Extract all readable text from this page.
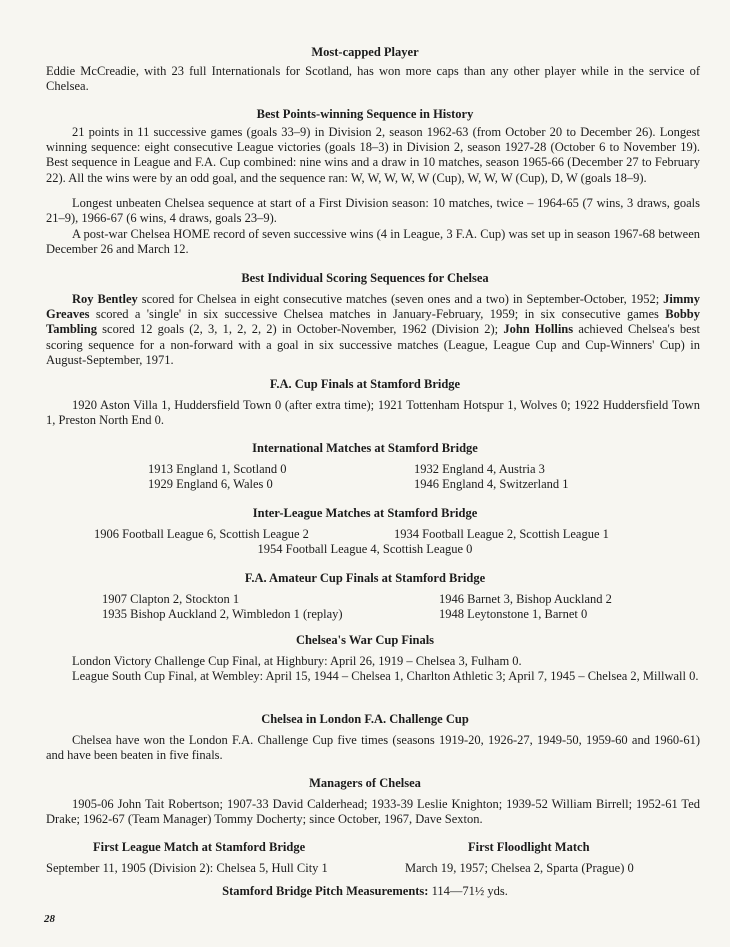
Most-capped Player

Eddie McCreadie, with 23 full Internationals for Scotland, has won more caps than any other player while in the service of Chelsea.

Best Points-winning Sequence in History

21 points in 11 successive games (goals 33–9) in Division 2, season 1962-63 (from October 20 to December 26). Longest winning sequence: eight consecutive League victories (goals 18–3) in Division 2, season 1927-28 (October 6 to November 19). Best sequence in League and F.A. Cup combined: nine wins and a draw in 10 matches, season 1965-66 (December 27 to February 22). All the wins were by an odd goal, and the sequence ran: W, W, W, W, W (Cup), W, W, W (Cup), D, W (goals 18–9).

Longest unbeaten Chelsea sequence at start of a First Division season: 10 matches, twice – 1964-65 (7 wins, 3 draws, goals 21–9), 1966-67 (6 wins, 4 draws, goals 23–9).

A post-war Chelsea HOME record of seven successive wins (4 in League, 3 F.A. Cup) was set up in season 1967-68 between December 26 and March 12.

Best Individual Scoring Sequences for Chelsea

Roy Bentley scored for Chelsea in eight consecutive matches (seven ones and a two) in September-October, 1952; Jimmy Greaves scored a 'single' in six successive Chelsea matches in January-February, 1959; in six consecutive games Bobby Tambling scored 12 goals (2, 3, 1, 2, 2, 2) in October-November, 1962 (Division 2); John Hollins achieved Chelsea's best scoring sequence for a non-forward with a goal in six successive matches (League, League Cup and Cup-Winners' Cup) in August-September, 1971.

F.A. Cup Finals at Stamford Bridge

1920 Aston Villa 1, Huddersfield Town 0 (after extra time); 1921 Tottenham Hotspur 1, Wolves 0; 1922 Huddersfield Town 1, Preston North End 0.

International Matches at Stamford Bridge
1913 England 1, Scotland 0
1929 England 6, Wales 0
1932 England 4, Austria 3
1946 England 4, Switzerland 1
Inter-League Matches at Stamford Bridge
1906 Football League 6, Scottish League 2	1934 Football League 2, Scottish League 1
1954 Football League 4, Scottish League 0
F.A. Amateur Cup Finals at Stamford Bridge
1907 Clapton 2, Stockton 1
1935 Bishop Auckland 2, Wimbledon 1 (replay)
1946 Barnet 3, Bishop Auckland 2
1948 Leytonstone 1, Barnet 0
Chelsea's War Cup Finals

London Victory Challenge Cup Final, at Highbury: April 26, 1919 – Chelsea 3, Fulham 0.

League South Cup Final, at Wembley: April 15, 1944 – Chelsea 1, Charlton Athletic 3; April 7, 1945 – Chelsea 2, Millwall 0.

Chelsea in London F.A. Challenge Cup

Chelsea have won the London F.A. Challenge Cup five times (seasons 1919-20, 1926-27, 1949-50, 1959-60 and 1960-61) and have been beaten in five finals.

Managers of Chelsea

1905-06 John Tait Robertson; 1907-33 David Calderhead; 1933-39 Leslie Knighton; 1939-52 William Birrell; 1952-61 Ted Drake; 1962-67 (Team Manager) Tommy Docherty; since October, 1967, Dave Sexton.

First League Match at Stamford Bridge
September 11, 1905 (Division 2): Chelsea 5, Hull City 1
First Floodlight Match
March 19, 1957; Chelsea 2, Sparta (Prague) 0
Stamford Bridge Pitch Measurements: 114—71½ yds.
28
